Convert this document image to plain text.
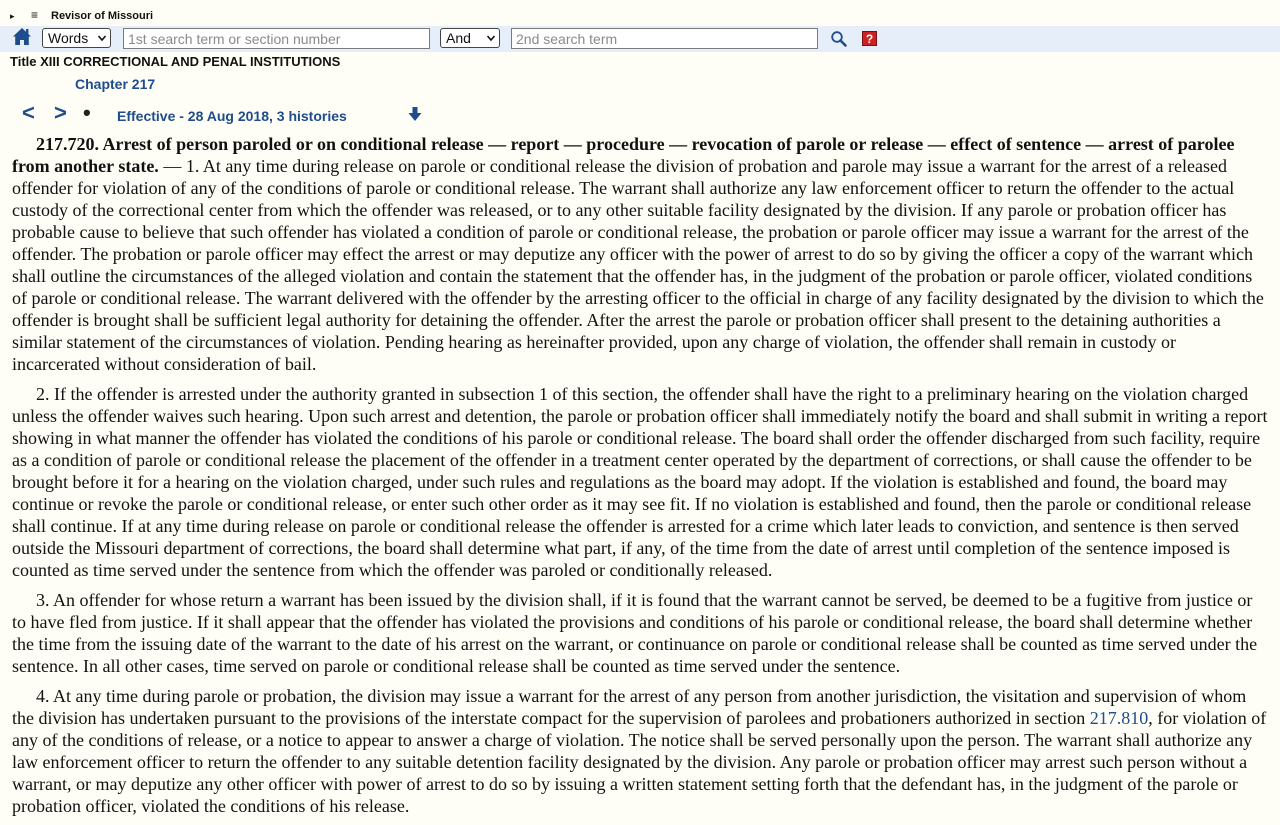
▸ ≡ Revisor of Missouri
Words
1st search term or section number	And
2nd search term	?
Title XIII CORRECTIONAL AND PENAL INSTITUTIONS
Chapter 217
< > • Effective - 28 Aug 2018, 3 histories

217.720. Arrest of person paroled or on conditional release — report — procedure — revocation of parole or release — effect of sentence — arrest of parolee from another state. — 1. At any time during release on parole or conditional release the division of probation and parole may issue a warrant for the arrest of a released offender for violation of any of the conditions of parole or conditional release. The warrant shall authorize any law enforcement officer to return the offender to the actual custody of the correctional center from which the offender was released, or to any other suitable facility designated by the division. If any parole or probation officer has probable cause to believe that such offender has violated a condition of parole or conditional release, the probation or parole officer may issue a warrant for the arrest of the offender. The probation or parole officer may effect the arrest or may deputize any officer with the power of arrest to do so by giving the officer a copy of the warrant which shall outline the circumstances of the alleged violation and contain the statement that the offender has, in the judgment of the probation or parole officer, violated conditions of parole or conditional release. The warrant delivered with the offender by the arresting officer to the official in charge of any facility designated by the division to which the offender is brought shall be sufficient legal authority for detaining the offender. After the arrest the parole or probation officer shall present to the detaining authorities a similar statement of the circumstances of violation. Pending hearing as hereinafter provided, upon any charge of violation, the offender shall remain in custody or incarcerated without consideration of bail.

2. If the offender is arrested under the authority granted in subsection 1 of this section, the offender shall have the right to a preliminary hearing on the violation charged unless the offender waives such hearing. Upon such arrest and detention, the parole or probation officer shall immediately notify the board and shall submit in writing a report showing in what manner the offender has violated the conditions of his parole or conditional release. The board shall order the offender discharged from such facility, require as a condition of parole or conditional release the placement of the offender in a treatment center operated by the department of corrections, or shall cause the offender to be brought before it for a hearing on the violation charged, under such rules and regulations as the board may adopt. If the violation is established and found, the board may continue or revoke the parole or conditional release, or enter such other order as it may see fit. If no violation is established and found, then the parole or conditional release shall continue. If at any time during release on parole or conditional release the offender is arrested for a crime which later leads to conviction, and sentence is then served outside the Missouri department of corrections, the board shall determine what part, if any, of the time from the date of arrest until completion of the sentence imposed is counted as time served under the sentence from which the offender was paroled or conditionally released.

3. An offender for whose return a warrant has been issued by the division shall, if it is found that the warrant cannot be served, be deemed to be a fugitive from justice or to have fled from justice. If it shall appear that the offender has violated the provisions and conditions of his parole or conditional release, the board shall determine whether the time from the issuing date of the warrant to the date of his arrest on the warrant, or continuance on parole or conditional release shall be counted as time served under the sentence. In all other cases, time served on parole or conditional release shall be counted as time served under the sentence.

4. At any time during parole or probation, the division may issue a warrant for the arrest of any person from another jurisdiction, the visitation and supervision of whom the division has undertaken pursuant to the provisions of the interstate compact for the supervision of parolees and probationers authorized in section 217.810, for violation of any of the conditions of release, or a notice to appear to answer a charge of violation. The notice shall be served personally upon the person. The warrant shall authorize any law enforcement officer to return the offender to any suitable detention facility designated by the division. Any parole or probation officer may arrest such person without a warrant, or may deputize any other officer with power of arrest to do so by issuing a written statement setting forth that the defendant has, in the judgment of the parole or probation officer, violated the conditions of his release.
